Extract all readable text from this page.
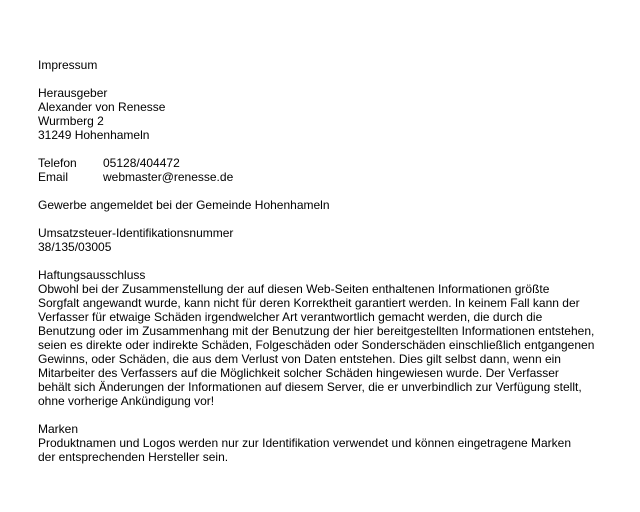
Impressum
Herausgeber
Alexander von Renesse
Wurmberg 2
31249 Hohenhameln
Telefon 05128/404472
Email	webmaster@renesse.de
Gewerbe angemeldet bei der Gemeinde Hohenhameln
Umsatzsteuer-Identifikationsnummer
38/135/03005
Haftungsausschluss
Obwohl bei der Zusammenstellung der auf diesen Web-Seiten enthaltenen Informationen größte
Sorgfalt angewandt wurde, kann nicht für deren Korrektheit garantiert werden. In keinem Fall kann der
Verfasser für etwaige Schäden irgendwelcher Art verantwortlich gemacht werden, die durch die
Benutzung oder im Zusammenhang mit der Benutzung der hier bereitgestellten Informationen entstehen,
seien es direkte oder indirekte Schäden, Folgeschäden oder Sonderschäden einschließlich entgangenen
Gewinns, oder Schäden, die aus dem Verlust von Daten entstehen. Dies gilt selbst dann, wenn ein
Mitarbeiter des Verfassers auf die Möglichkeit solcher Schäden hingewiesen wurde. Der Verfasser
behält sich Änderungen der Informationen auf diesem Server, die er unverbindlich zur Verfügung stellt,
ohne vorherige Ankündigung vor!
Marken
Produktnamen und Logos werden nur zur Identifikation verwendet und können eingetragene Marken
der entsprechenden Hersteller sein.
